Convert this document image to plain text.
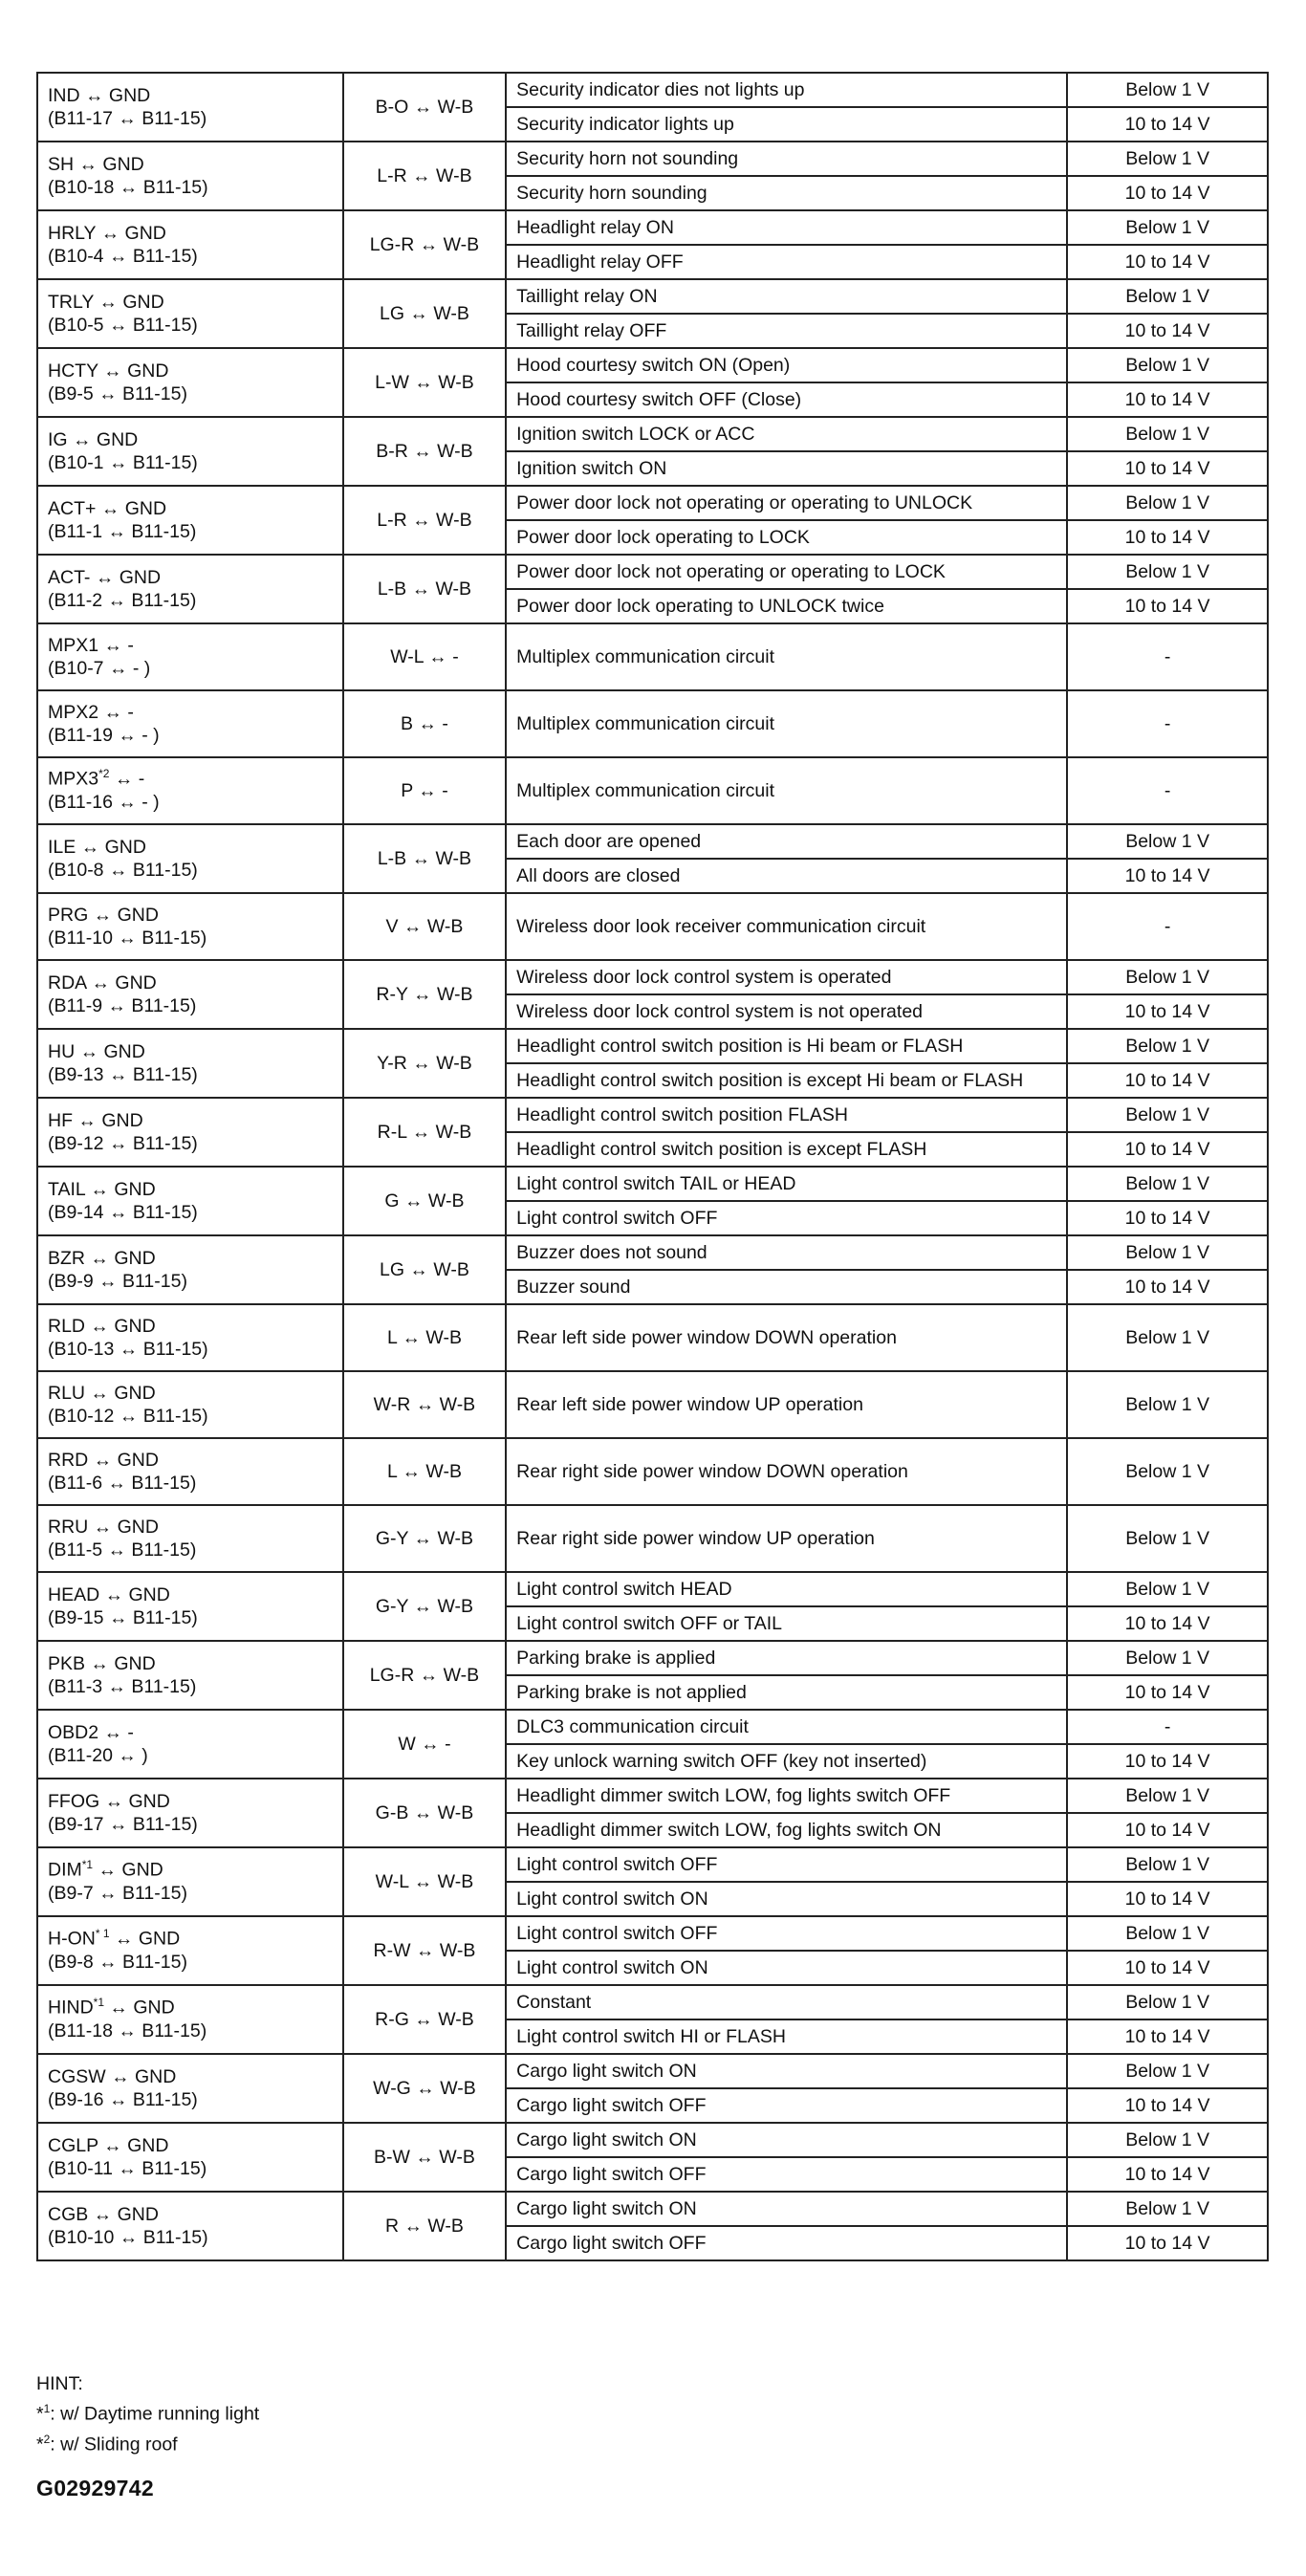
IND ↔ GND
(B11-17 ↔ B11-15)	B-O ↔ W-B	Security indicator dies not lights up	Below 1 V
		Security indicator lights up	10 to 14 V

SH ↔ GND
(B10-18 ↔ B11-15)	L-R ↔ W-B	Security horn not sounding	Below 1 V
		Security horn sounding	10 to 14 V

HRLY ↔ GND
(B10-4 ↔ B11-15)	LG-R ↔ W-B	Headlight relay ON	Below 1 V
		Headlight relay OFF	10 to 14 V

TRLY ↔ GND
(B10-5 ↔ B11-15)	LG ↔ W-B	Taillight relay ON	Below 1 V
		Taillight relay OFF	10 to 14 V

HCTY ↔ GND
(B9-5 ↔ B11-15)	L-W ↔ W-B	Hood courtesy switch ON (Open)	Below 1 V
		Hood courtesy switch OFF (Close)	10 to 14 V

IG ↔ GND
(B10-1 ↔ B11-15)	B-R ↔ W-B	Ignition switch LOCK or ACC	Below 1 V
		Ignition switch ON	10 to 14 V

ACT+ ↔ GND
(B11-1 ↔ B11-15)	L-R ↔ W-B	Power door lock not operating or operating to UNLOCK	Below 1 V
		Power door lock operating to LOCK	10 to 14 V

ACT- ↔ GND
(B11-2 ↔ B11-15)	L-B ↔ W-B	Power door lock not operating or operating to LOCK	Below 1 V
		Power door lock operating to UNLOCK twice	10 to 14 V

MPX1 ↔ -
(B10-7 ↔ - )	W-L ↔ -	Multiplex communication circuit	-

MPX2 ↔ -
(B11-19 ↔ - )	B ↔ -	Multiplex communication circuit	-

MPX3$^{*2}$ ↔ -
(B11-16 ↔ - )	P ↔ -	Multiplex communication circuit	-

ILE ↔ GND
(B10-8 ↔ B11-15)	L-B ↔ W-B	Each door are opened	Below 1 V
		All doors are closed	10 to 14 V

PRG ↔ GND
(B11-10 ↔ B11-15)	V ↔ W-B	Wireless door look receiver communication circuit	-

RDA ↔ GND
(B11-9 ↔ B11-15)	R-Y ↔ W-B	Wireless door lock control system is operated	Below 1 V
		Wireless door lock control system is not operated	10 to 14 V

HU ↔ GND
(B9-13 ↔ B11-15)	Y-R ↔ W-B	Headlight control switch position is Hi beam or FLASH	Below 1 V
		Headlight control switch position is except Hi beam or FLASH	10 to 14 V

HF ↔ GND
(B9-12 ↔ B11-15)	R-L ↔ W-B	Headlight control switch position FLASH	Below 1 V
		Headlight control switch position is except FLASH	10 to 14 V

TAIL ↔ GND
(B9-14 ↔ B11-15)	G ↔ W-B	Light control switch TAIL or HEAD	Below 1 V
		Light control switch OFF	10 to 14 V

BZR ↔ GND
(B9-9 ↔ B11-15)	LG ↔ W-B	Buzzer does not sound	Below 1 V
		Buzzer sound	10 to 14 V

RLD ↔ GND
(B10-13 ↔ B11-15)	L ↔ W-B	Rear left side power window DOWN operation	Below 1 V

RLU ↔ GND
(B10-12 ↔ B11-15)	W-R ↔ W-B	Rear left side power window UP operation	Below 1 V

RRD ↔ GND
(B11-6 ↔ B11-15)	L ↔ W-B	Rear right side power window DOWN operation	Below 1 V

RRU ↔ GND
(B11-5 ↔ B11-15)	G-Y ↔ W-B	Rear right side power window UP operation	Below 1 V

HEAD ↔ GND
(B9-15 ↔ B11-15)	G-Y ↔ W-B	Light control switch HEAD	Below 1 V
		Light control switch OFF or TAIL	10 to 14 V

PKB ↔ GND
(B11-3 ↔ B11-15)	LG-R ↔ W-B	Parking brake is applied	Below 1 V
		Parking brake is not applied	10 to 14 V

OBD2 ↔ -
(B11-20 ↔ )	W ↔ -	DLC3 communication circuit	-
		Key unlock warning switch OFF (key not inserted)	10 to 14 V

FFOG ↔ GND
(B9-17 ↔ B11-15)	G-B ↔ W-B	Headlight dimmer switch LOW, fog lights switch OFF	Below 1 V
		Headlight dimmer switch LOW, fog lights switch ON	10 to 14 V

DIM$^{*1}$ ↔ GND
(B9-7 ↔ B11-15)	W-L ↔ W-B	Light control switch OFF	Below 1 V
		Light control switch ON	10 to 14 V

H-ON$^{* 1}$ ↔ GND
(B9-8 ↔ B11-15)	R-W ↔ W-B	Light control switch OFF	Below 1 V
		Light control switch ON	10 to 14 V

HIND$^{*1}$ ↔ GND
(B11-18 ↔ B11-15)	R-G ↔ W-B	Constant	Below 1 V
		Light control switch HI or FLASH	10 to 14 V

CGSW ↔ GND
(B9-16 ↔ B11-15)	W-G ↔ W-B	Cargo light switch ON	Below 1 V
		Cargo light switch OFF	10 to 14 V

CGLP ↔ GND
(B10-11 ↔ B11-15)	B-W ↔ W-B	Cargo light switch ON	Below 1 V
		Cargo light switch OFF	10 to 14 V

CGB ↔ GND
(B10-10 ↔ B11-15)	R ↔ W-B	Cargo light switch ON	Below 1 V
		Cargo light switch OFF	10 to 14 V
HINT:
*$^1$: w/ Daytime running light
*$^2$: w/ Sliding roof
G02929742
